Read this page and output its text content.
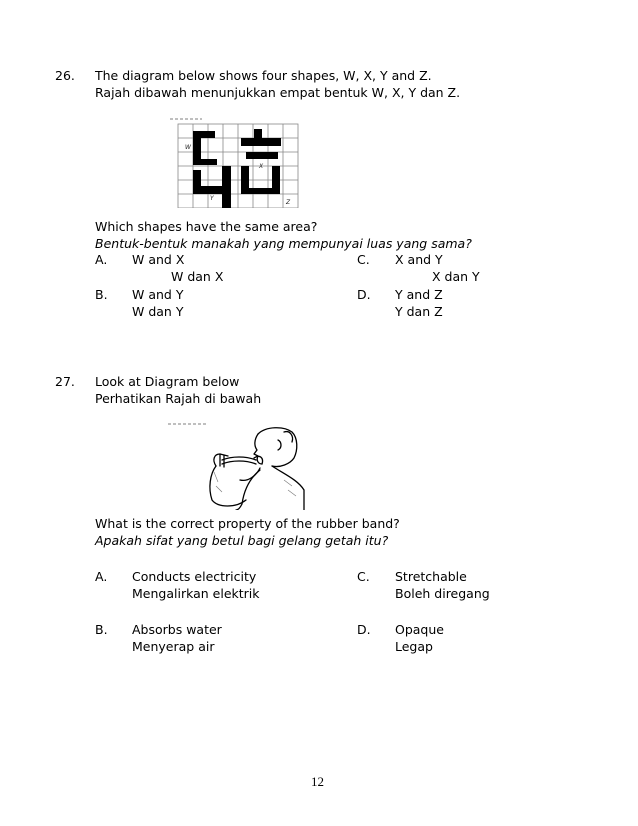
26. The diagram below shows four shapes, W, X, Y and Z.
Rajah dibawah menunjukkan empat bentuk W, X, Y dan Z.
W
X
Y
Z
Which shapes have the same area?
Bentuk-bentuk manakah yang mempunyai luas yang sama?
A. W and X
W dan X
C. X and Y
X dan Y
B. W and Y
W dan Y
D. Y and Z
Y dan Z
27. Look at Diagram below
Perhatikan Rajah di bawah
What is the correct property of the rubber band?
Apakah sifat yang betul bagi gelang getah itu?
A. Conducts electricity
Mengalirkan elektrik
C. Stretchable
Boleh diregang
B. Absorbs water
Menyerap air
D. Opaque
Legap
12
